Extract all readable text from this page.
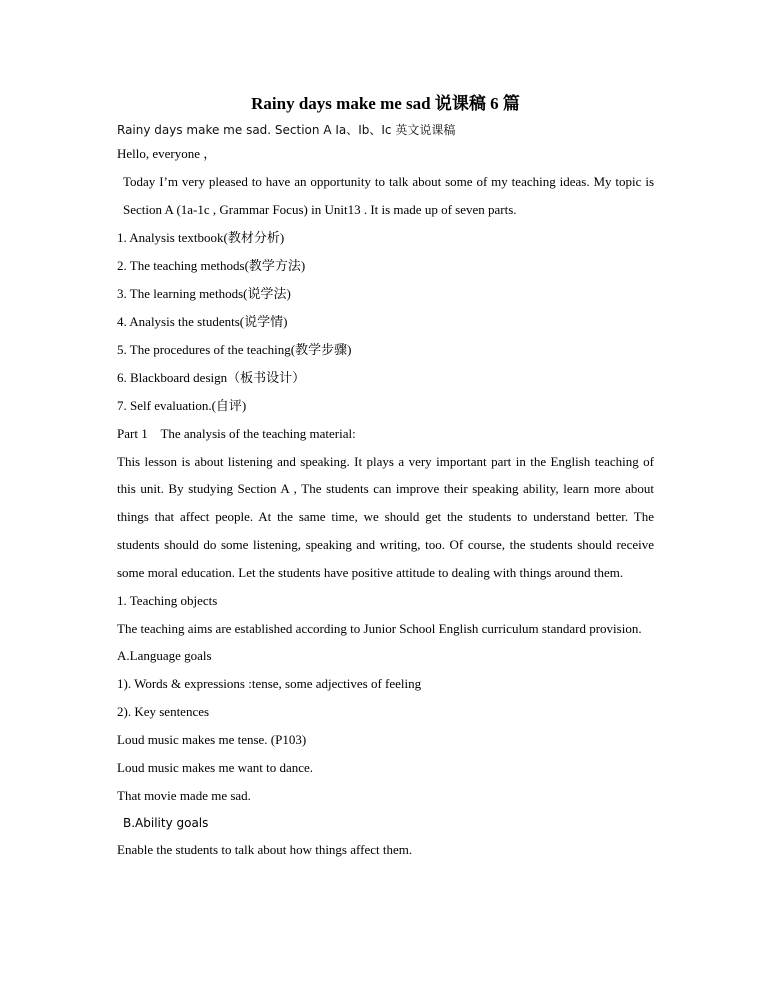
Rainy days make me sad 说课稿 6 篇

Rainy days make me sad. Section A Ia、Ib、Ic 英文说课稿

Hello, everyone ，

Today I’m very pleased to have an opportunity to talk about some of my teaching ideas. My topic is Section A (1a-1c , Grammar Focus) in Unit13 . It is made up of seven parts.

1. Analysis textbook(教材分析)

2. The teaching methods(教学方法)

3. The learning methods(说学法)

4. Analysis the students(说学情)

5. The procedures of the teaching(教学步骤)

6. Blackboard design（板书设计）

7. Self evaluation.(自评)

Part 1    The analysis of the teaching material:

This lesson is about listening and speaking. It plays a very important part in the English teaching of this unit. By studying Section A , The students can improve their speaking ability, learn more about things that affect people. At the same time, we should get the students to understand better. The students should do some listening, speaking and writing, too. Of course, the students should receive some moral education. Let the students have positive attitude to dealing with things around them.

1. Teaching objects

The teaching aims are established according to Junior School English curriculum standard provision.

A.Language goals

1). Words & expressions :tense, some adjectives of feeling

2). Key sentences

Loud music makes me tense. (P103)

Loud music makes me want to dance.

That movie made me sad.

B.Ability goals

Enable the students to talk about how things affect them.
